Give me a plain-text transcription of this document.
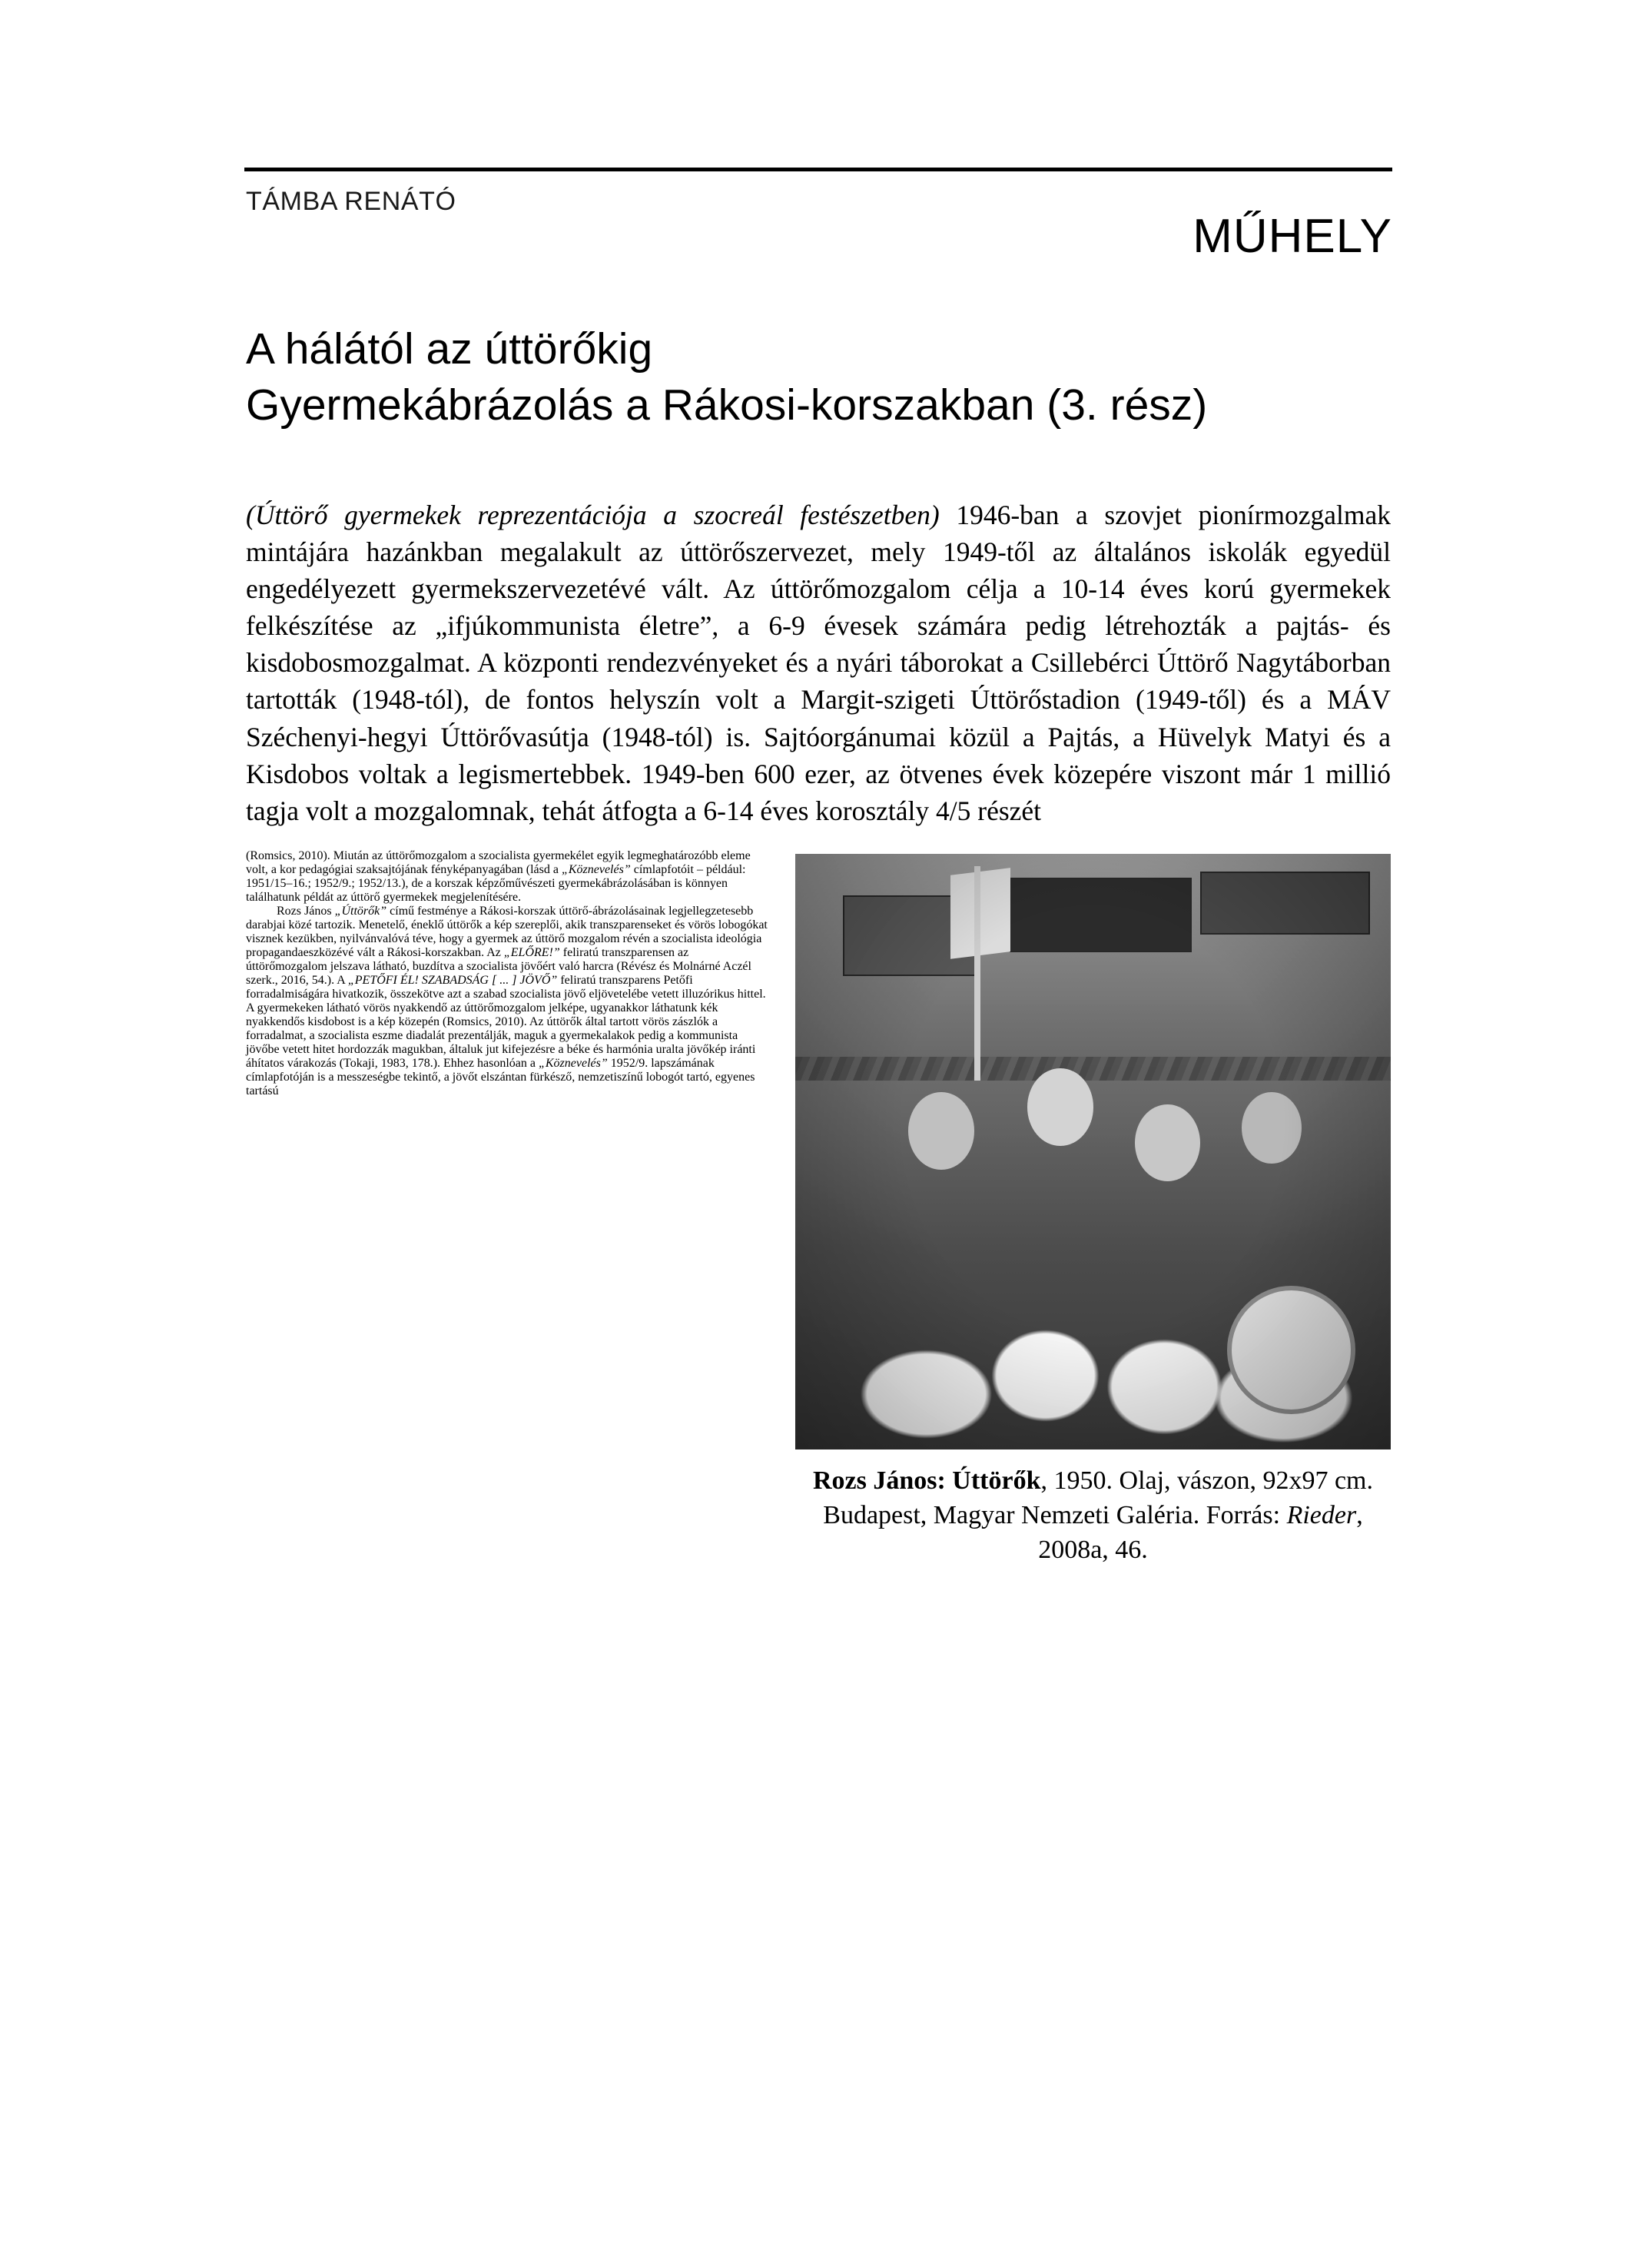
TÁMBA RENÁTÓ
MŰHELY
A hálától az úttörőkig
Gyermekábrázolás a Rákosi-korszakban (3. rész)

(Úttörő gyermekek reprezentációja a szocreál festészetben) 1946-ban a szovjet pionírmozgalmak mintájára hazánkban megalakult az úttörőszervezet, mely 1949-től az általános iskolák egyedül engedélyezett gyermekszervezetévé vált. Az úttörőmozgalom célja a 10-14 éves korú gyermekek felkészítése az „ifjúkommunista életre”, a 6-9 évesek számára pedig létrehozták a pajtás- és kisdobosmozgalmat. A központi rendezvényeket és a nyári táborokat a Csillebérci Úttörő Nagytáborban tartották (1948-tól), de fontos helyszín volt a Margit-szigeti Úttörőstadion (1949-től) és a MÁV Széchenyi-hegyi Úttörővasútja (1948-tól) is. Sajtóorgánumai közül a Pajtás, a Hüvelyk Matyi és a Kisdobos voltak a legismertebbek. 1949-ben 600 ezer, az ötvenes évek közepére viszont már 1 millió tagja volt a mozgalomnak, tehát átfogta a 6-14 éves korosztály 4/5 részét

Rozs János: Úttörők, 1950. Olaj, vászon, 92x97 cm. Budapest, Magyar Nemzeti Galéria. Forrás: Rieder, 2008a, 46.

(Romsics, 2010). Miután az úttörőmozgalom a szocialista gyermekélet egyik legmeghatározóbb eleme volt, a kor pedagógiai szaksajtójának fényképanyagában (lásd a „Köznevelés” címlapfotóit – például: 1951/15–16.; 1952/9.; 1952/13.), de a korszak képzőművészeti gyermekábrázolásában is könnyen találhatunk példát az úttörő gyermekek megjelenítésére.

Rozs János „Úttörők” című festménye a Rákosi-korszak úttörő-ábrázolásainak legjellegzetesebb darabjai közé tartozik. Menetelő, éneklő úttörők a kép szereplői, akik transzparenseket és vörös lobogókat visznek kezükben, nyilvánvalóvá téve, hogy a gyermek az úttörő mozgalom révén a szocialista ideológia propagandaeszközévé vált a Rákosi-korszakban. Az „ELŐRE!” feliratú transzparensen az úttörőmozgalom jelszava látható, buzdítva a szocialista jövőért való harcra (Révész és Molnárné Aczél szerk., 2016, 54.). A „PETŐFI ÉL! SZABADSÁG [ ... ] JÖVŐ” feliratú transzparens Petőfi forradalmiságára hivatkozik, összekötve azt a szabad szocialista jövő eljövetelébe vetett illuzórikus hittel. A gyermekeken látható vörös nyakkendő az úttörőmozgalom jelképe, ugyanakkor láthatunk kék nyakkendős kisdobost is a kép közepén (Romsics, 2010). Az úttörők által tartott vörös zászlók a forradalmat, a szocialista eszme diadalát prezentálják, maguk a gyermekalakok pedig a kommunista jövőbe vetett hitet hordozzák magukban, általuk jut kifejezésre a béke és harmónia uralta jövőkép iránti áhítatos várakozás (Tokaji, 1983, 178.). Ehhez hasonlóan a „Köznevelés” 1952/9. lapszámának címlapfotóján is a messzeségbe tekintő, a jövőt elszántan fürkésző, nemzetiszínű lobogót tartó, egyenes tartású
